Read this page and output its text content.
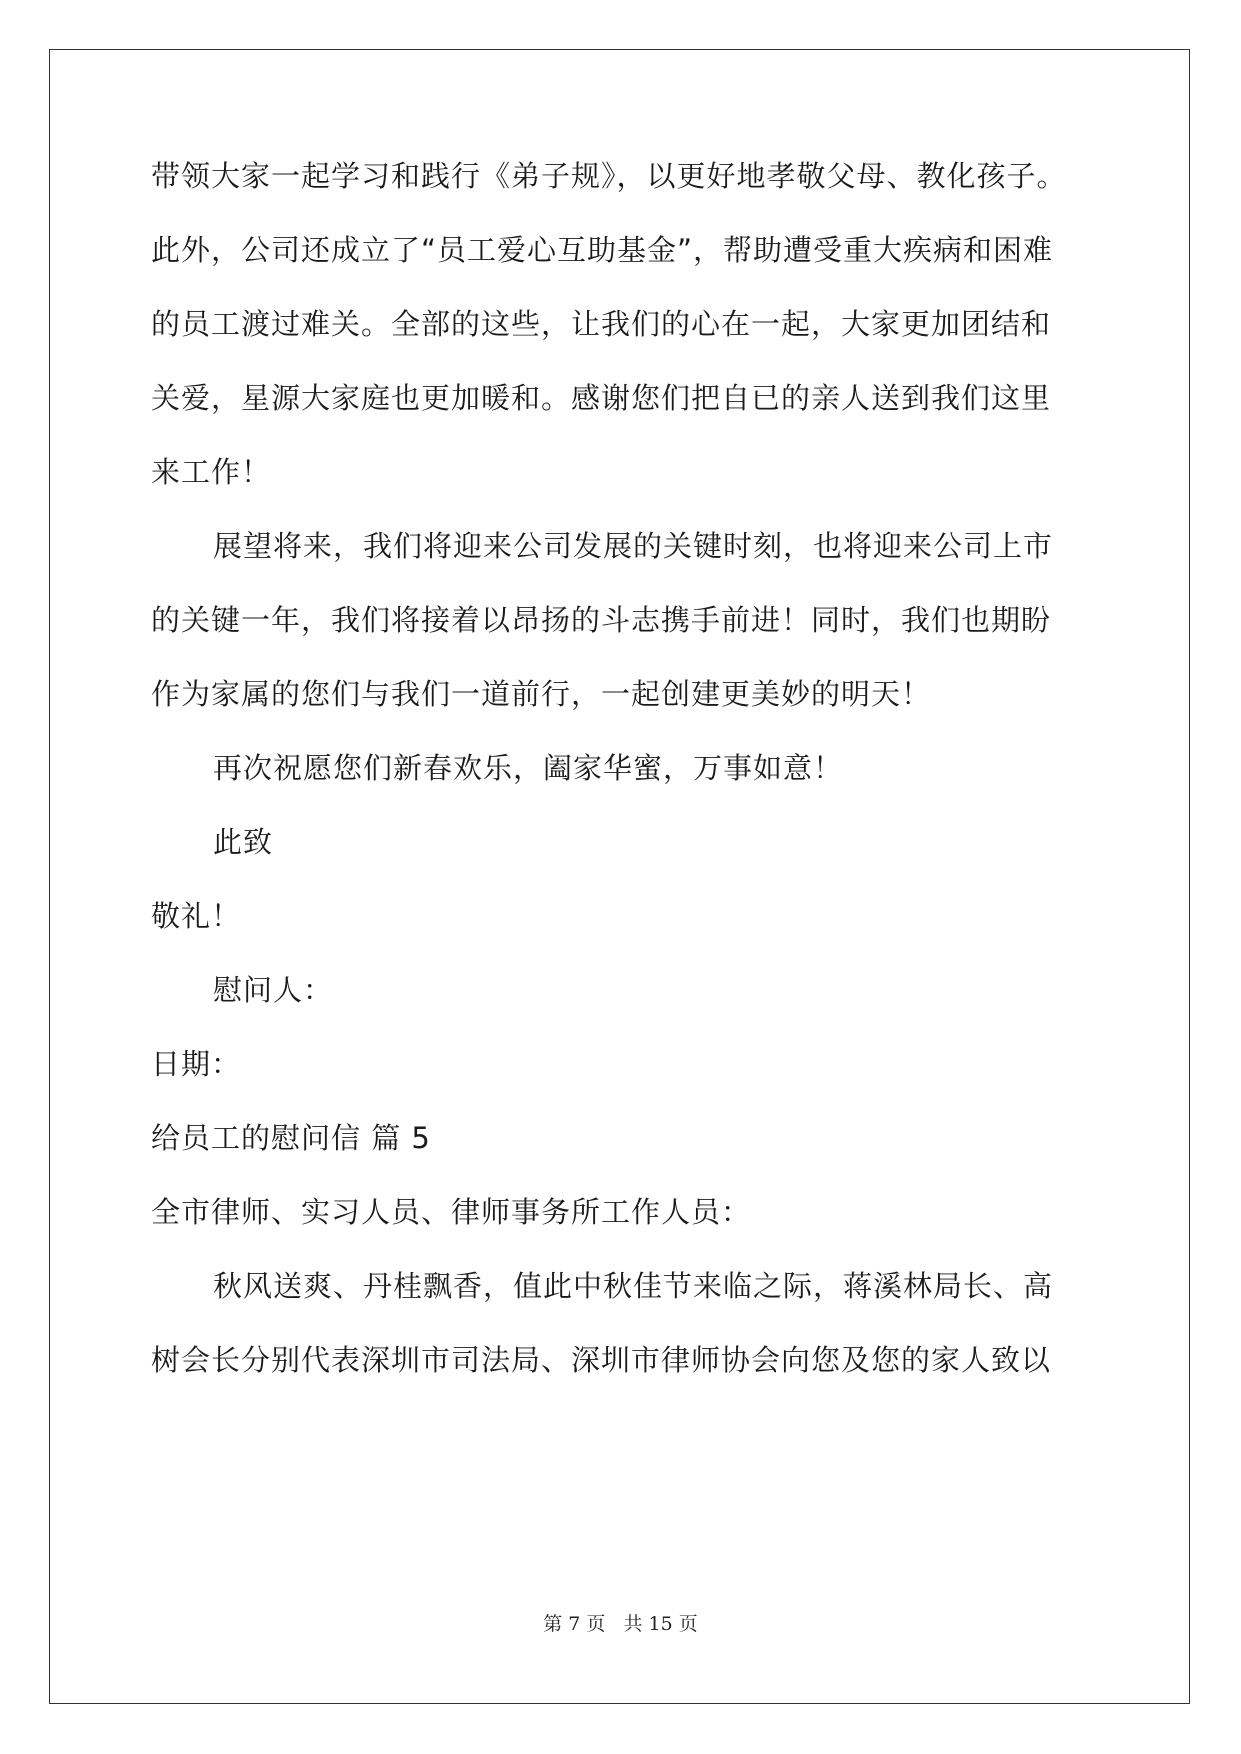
带领大家一起学习和践行《弟子规》，以更好地孝敬父母、教化孩子。
此外，公司还成立了“员工爱心互助基金”，帮助遭受重大疾病和困难
的员工渡过难关。全部的这些，让我们的心在一起，大家更加团结和
关爱，星源大家庭也更加暖和。感谢您们把自已的亲人送到我们这里
来工作！
展望将来，我们将迎来公司发展的关键时刻，也将迎来公司上市
的关键一年，我们将接着以昂扬的斗志携手前进！同时，我们也期盼
作为家属的您们与我们一道前行，一起创建更美妙的明天！
再次祝愿您们新春欢乐，阖家华蜜，万事如意！
此致
敬礼！
慰问人：
日期：
给员工的慰问信 篇 5
全市律师、实习人员、律师事务所工作人员：
秋风送爽、丹桂飘香，值此中秋佳节来临之际，蒋溪林局长、高
树会长分别代表深圳市司法局、深圳市律师协会向您及您的家人致以
第 7 页 共 15 页
